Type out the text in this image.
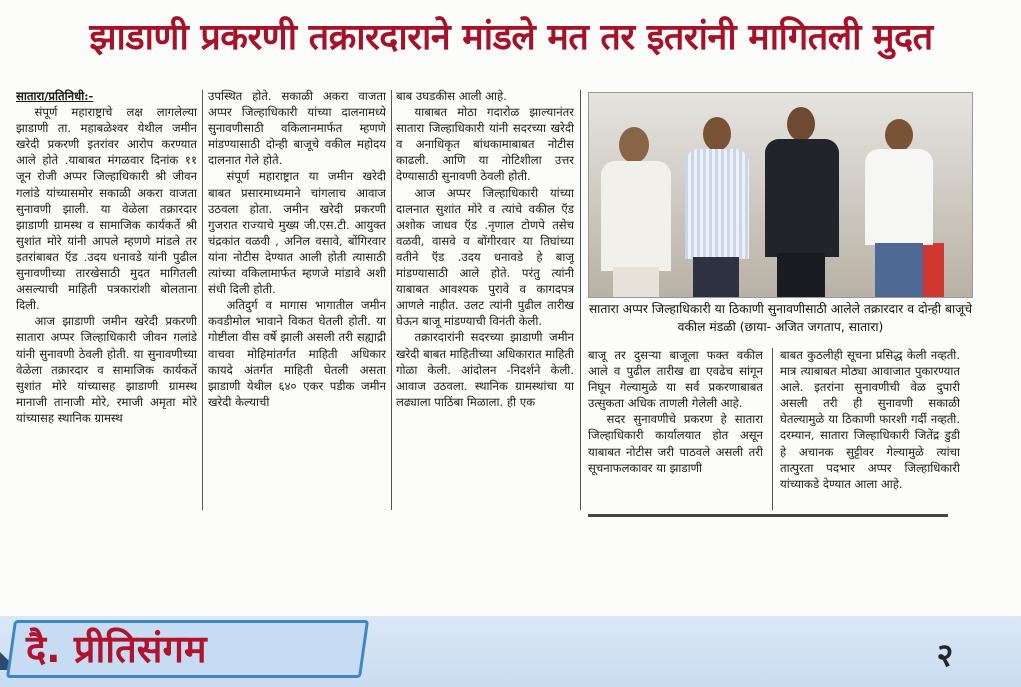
झाडाणी प्रकरणी तक्रारदाराने मांडले मत तर इतरांनी मागितली मुदत
सातारा/प्रतिनिधी:-

संपूर्ण महाराष्ट्राचे लक्ष लागलेल्या झाडाणी ता. महाबळेश्वर येथील जमीन खरेदी प्रकरणी इतरांवर आरोप करण्यात आले होते .याबाबत मंगळवार दिनांक ११ जून रोजी अप्पर जिल्हाधिकारी श्री जीवन गलांडे यांच्यासमोर सकाळी अकरा वाजता सुनावणी झाली. या वेळेला तक्रारदार झाडाणी ग्रामस्थ व सामाजिक कार्यकर्ते श्री सुशांत मोरे यांनी आपले म्हणणे मांडले तर इतरांबाबत ऍड .उदय धनावडे यांनी पुढील सुनावणीच्या तारखेसाठी मुदत मागितली असल्याची माहिती पत्रकारांशी बोलताना दिली.

आज झाडाणी जमीन खरेदी प्रकरणी सातारा अप्पर जिल्हाधिकारी जीवन गलांडे यांनी सुनावणी ठेवली होती. या सुनावणीच्या वेळेला तक्रारदार व सामाजिक कार्यकर्ते सुशांत मोरे यांच्यासह झाडाणी ग्रामस्थ मानाजी तानाजी मोरे, रमाजी अमृता मोरे यांच्यासह स्थानिक ग्रामस्थ

उपस्थित होते. सकाळी अकरा वाजता अप्पर जिल्हाधिकारी यांच्या दालनामध्ये सुनावणीसाठी वकिलानमार्फत म्हणणे मांडण्यासाठी दोन्ही बाजूचे वकील महोदय दालनात गेले होते.

संपूर्ण महाराष्ट्रात या जमीन खरेदी बाबत प्रसारमाध्यमाने चांगलाच आवाज उठवला होता. जमीन खरेदी प्रकरणी गुजरात राज्याचे मुख्य जी.एस.टी. आयुक्त चंद्रकांत वळवी , अनिल वसावे, बोंगिरवार यांना नोटीस देण्यात आली होती त्यासाठी त्यांच्या वकिलामार्फत म्हणजे मांडावे अशी संधी दिली होती.

अतिदुर्ग व मागास भागातील जमीन कवडीमोल भावाने विकत घेतली होती. या गोष्टीला वीस वर्षे झाली असली तरी सह्याद्री वाचवा मोहिमांतर्गत माहिती अधिकार कायदे अंतर्गत माहिती घेतली असता झाडाणी येथील ६४० एकर पडीक जमीन खरेदी केल्याची

बाब उघडकीस आली आहे.

याबाबत मोठा गदारोळ झाल्यानंतर सातारा जिल्हाधिकारी यांनी सदरच्या खरेदी व अनाधिकृत बांधकामाबाबत नोटीस काढली. आणि या नोटिशीला उत्तर देण्यासाठी सुनावणी ठेवली होती.

आज अप्पर जिल्हाधिकारी यांच्या दालनात सुशांत मोरे व त्यांचे वकील ऍड अशोक जाधव ऍड .नृणाल टोणपे तसेच वळवी, वासवे व बोंगीरवार या तिघांच्या वतीने ऍड .उदय धनावडे हे बाजू मांडण्यासाठी आले होते. परंतु त्यांनी याबाबत आवश्यक पुरावे व कागदपत्र आणले नाहीत. उलट त्यांनी पुढील तारीख घेऊन बाजू मांडण्याची विनंती केली.

तक्रारदारांनी सदरच्या झाडाणी जमीन खरेदी बाबत माहितीच्या अधिकारात माहिती गोळा केली. आंदोलन -निदर्शने केली. आवाज उठवला. स्थानिक ग्रामस्थांचा या लढ्याला पाठिंबा मिळाला. ही एक

सातारा अप्पर जिल्हाधिकारी या ठिकाणी सुनावणीसाठी आलेले तक्रारदार व दोन्ही बाजूचे वकील मंडळी (छाया- अजित जगताप, सातारा)

बाजू तर दुसऱ्या बाजूला फक्त वकील आले व पुढील तारीख द्या एवढेच सांगून निघून गेल्यामुळे या सर्व प्रकरणाबाबत उत्सुकता अधिक ताणली गेलेली आहे.

सदर सुनावणीचे प्रकरण हे सातारा जिल्हाधिकारी कार्यालयात होत असून याबाबत नोटीस जरी पाठवले असली तरी सूचनाफलकावर या झाडाणी

बाबत कुठलीही सूचना प्रसिद्ध केली नव्हती. मात्र त्याबाबत मोठ्या आवाजात पुकारण्यात आले. इतरांना सुनावणीची वेळ दुपारी असली तरी ही सुनावणी सकाळी घेतल्यामुळे या ठिकाणी फारशी गर्दी नव्हती. दरम्यान, सातारा जिल्हाधिकारी जितेंद्र डुडी हे अचानक सुट्टीवर गेल्यामुळे त्यांचा तात्पुरता पदभार अप्पर जिल्हाधिकारी यांच्याकडे देण्यात आला आहे.

दै. प्रीतिसंगम	२
